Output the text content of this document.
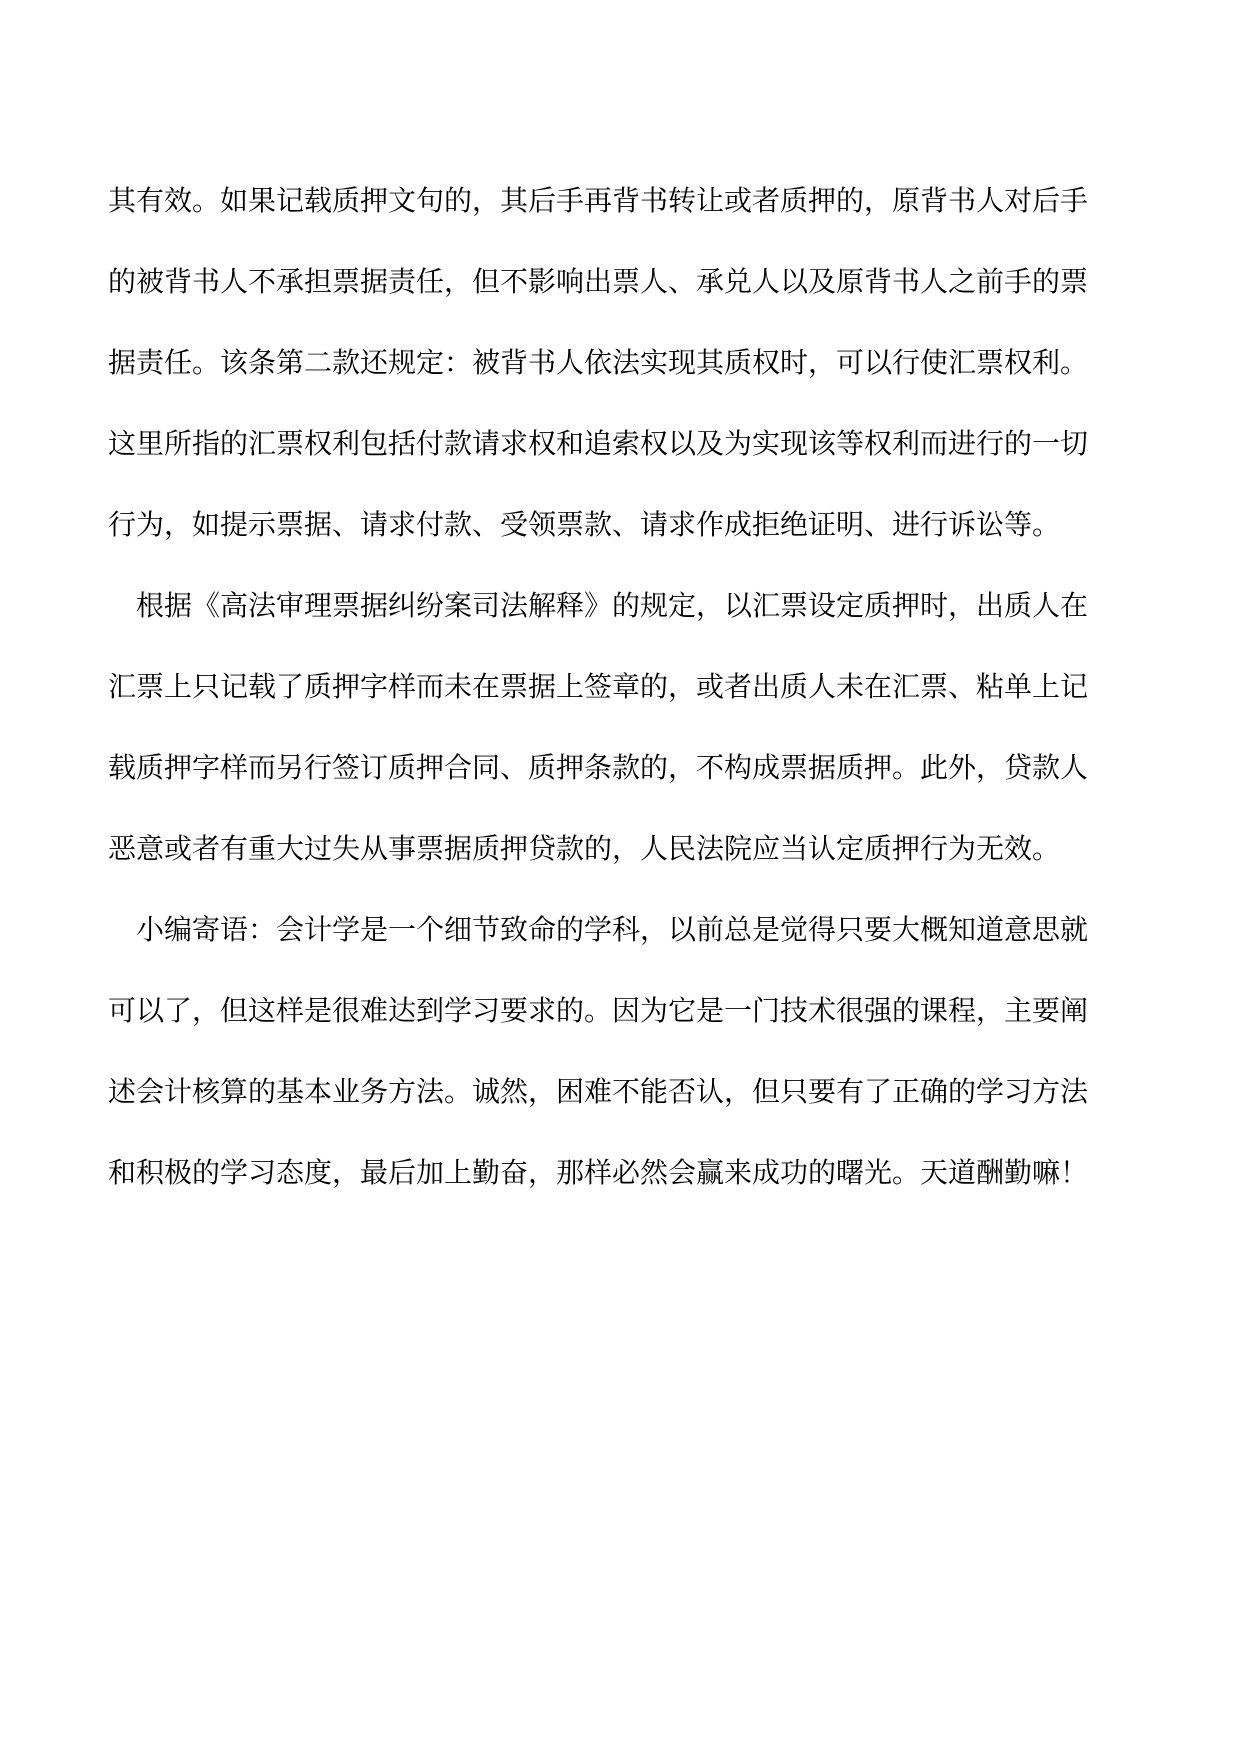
其有效。如果记载质押文句的，其后手再背书转让或者质押的，原背书人对后手
的被背书人不承担票据责任，但不影响出票人、承兑人以及原背书人之前手的票
据责任。该条第二款还规定：被背书人依法实现其质权时，可以行使汇票权利。
这里所指的汇票权利包括付款请求权和追索权以及为实现该等权利而进行的一切
行为，如提示票据、请求付款、受领票款、请求作成拒绝证明、进行诉讼等。

根据《高法审理票据纠纷案司法解释》的规定，以汇票设定质押时，出质人在
汇票上只记载了质押字样而未在票据上签章的，或者出质人未在汇票、粘单上记
载质押字样而另行签订质押合同、质押条款的，不构成票据质押。此外，贷款人
恶意或者有重大过失从事票据质押贷款的，人民法院应当认定质押行为无效。

小编寄语：会计学是一个细节致命的学科，以前总是觉得只要大概知道意思就
可以了，但这样是很难达到学习要求的。因为它是一门技术很强的课程，主要阐
述会计核算的基本业务方法。诚然，困难不能否认，但只要有了正确的学习方法
和积极的学习态度，最后加上勤奋，那样必然会赢来成功的曙光。天道酬勤嘛！
